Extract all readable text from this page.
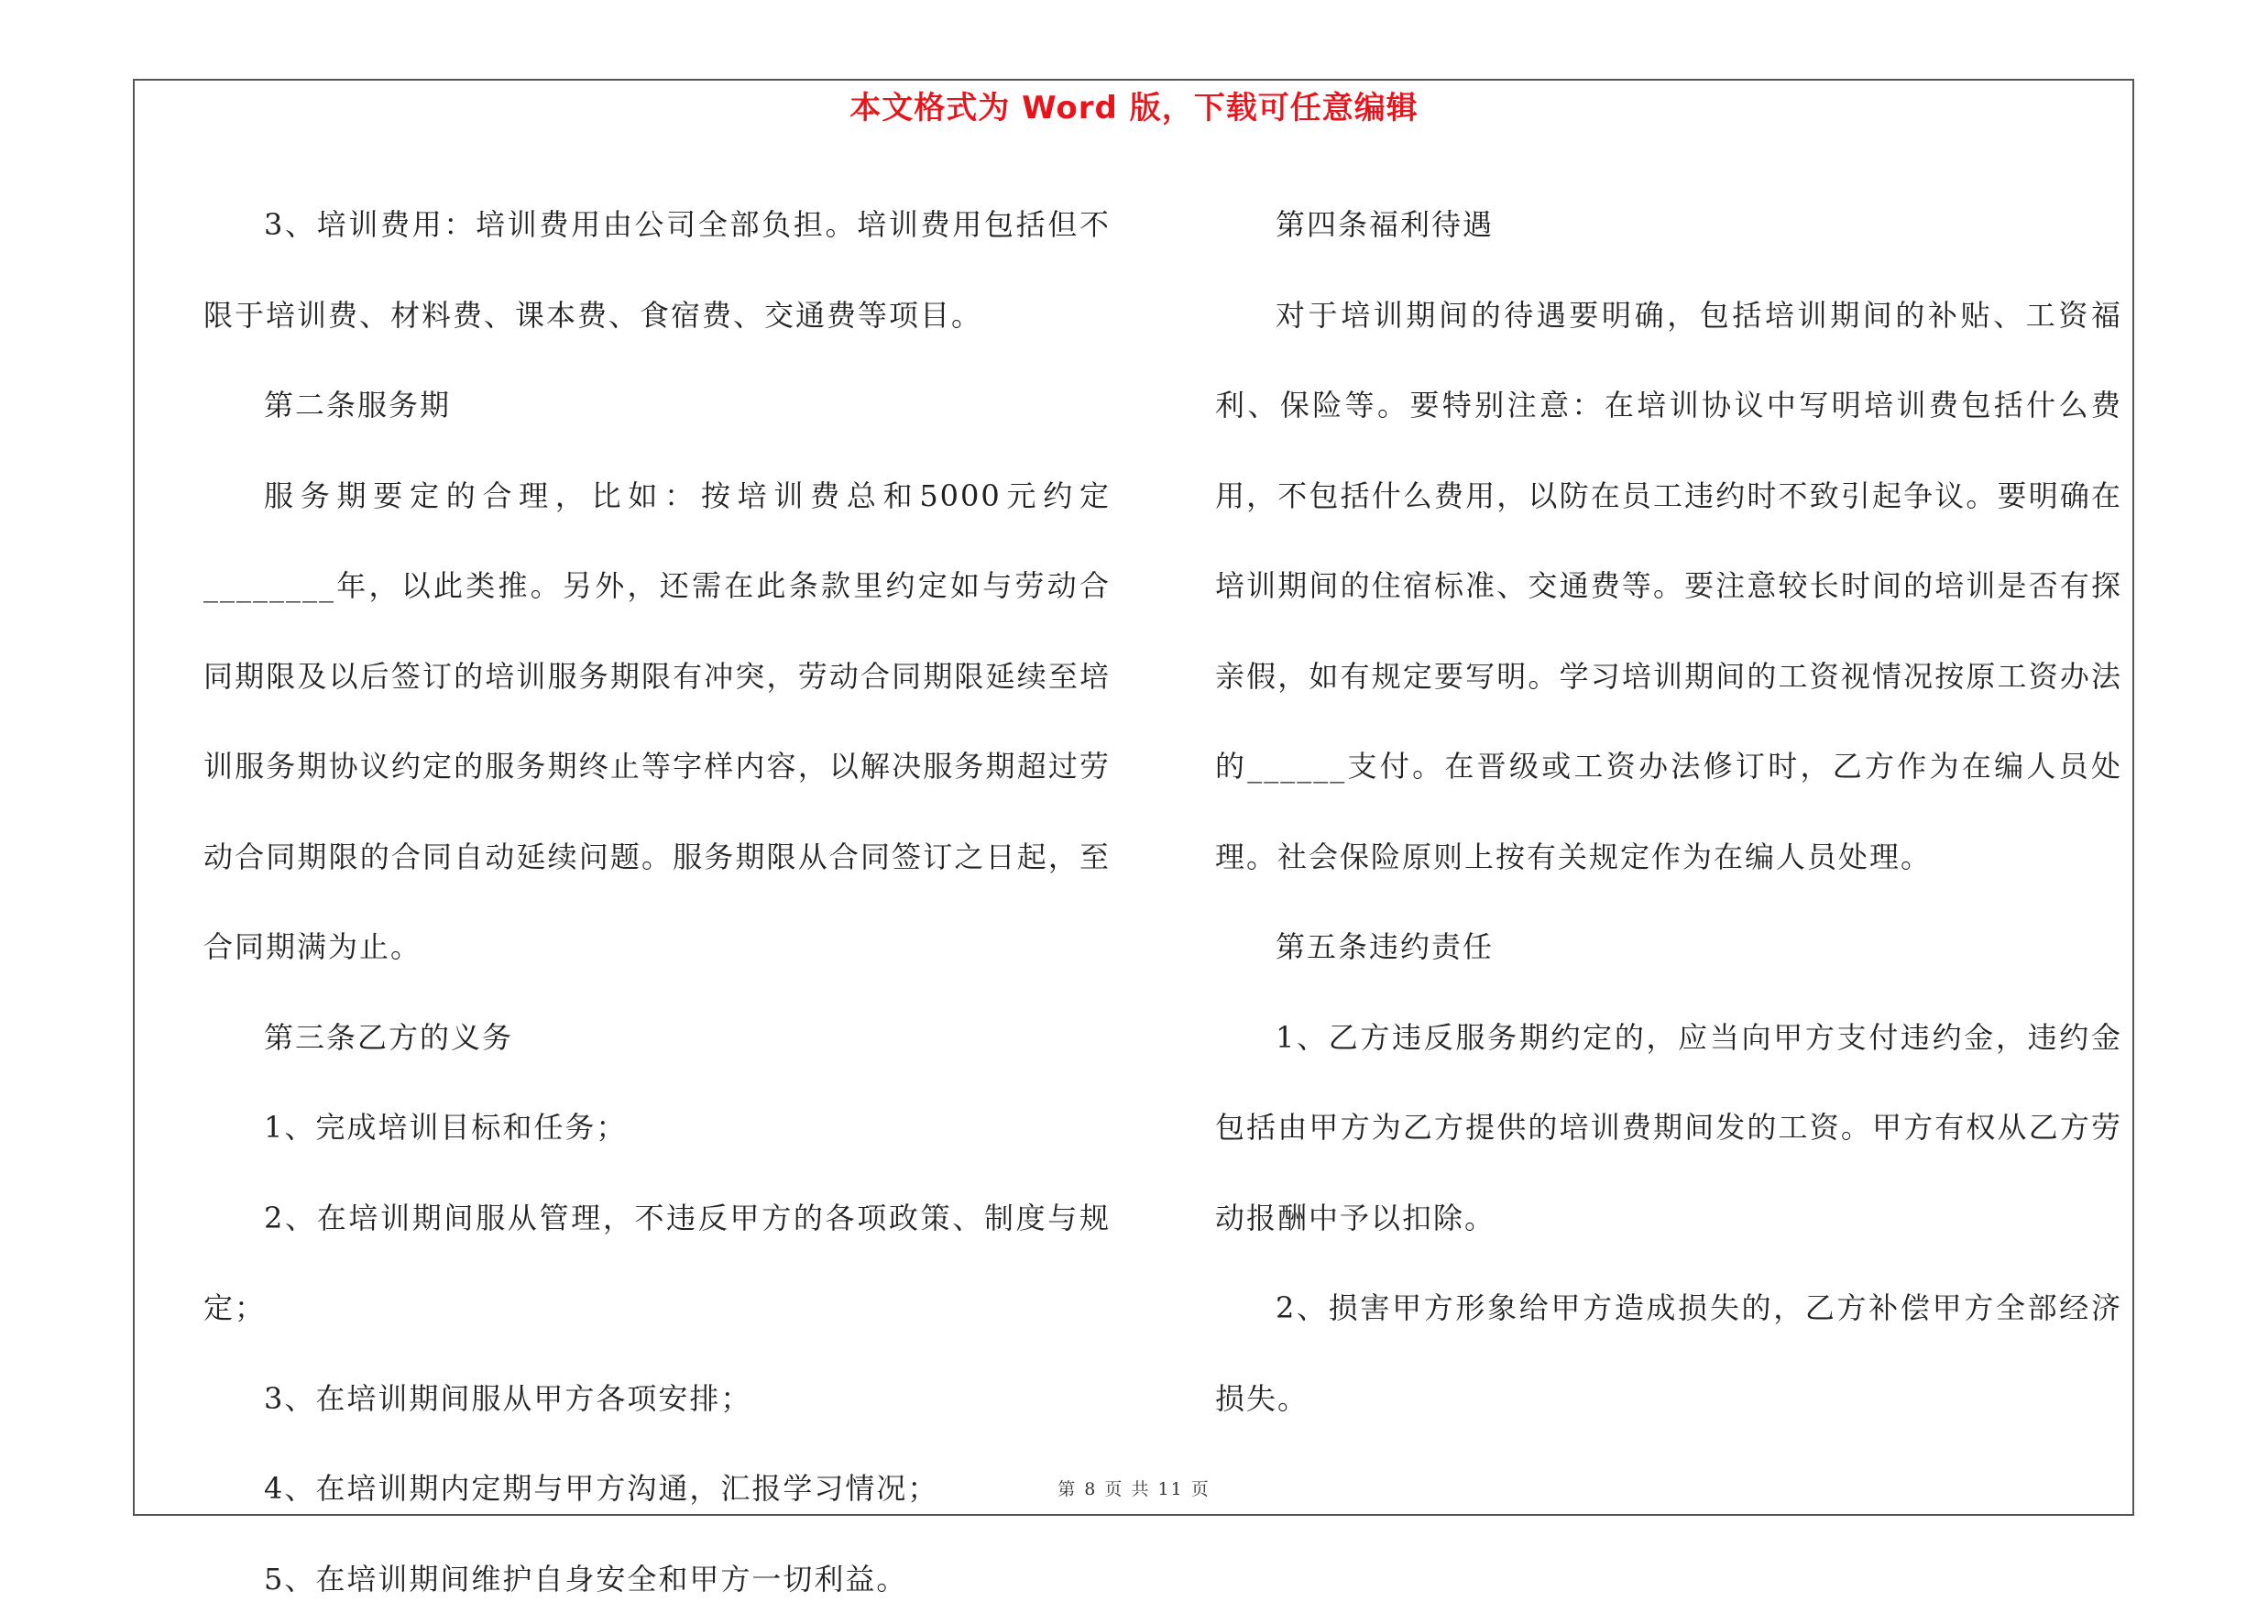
本文格式为 Word 版，下载可任意编辑

3、培训费用：培训费用由公司全部负担。培训费用包括但不限于培训费、材料费、课本费、食宿费、交通费等项目。

第二条服务期

服务期要定的合理，比如：按培训费总和5000元约定________年，以此类推。另外，还需在此条款里约定如与劳动合同期限及以后签订的培训服务期限有冲突，劳动合同期限延续至培训服务期协议约定的服务期终止等字样内容，以解决服务期超过劳动合同期限的合同自动延续问题。服务期限从合同签订之日起，至合同期满为止。

第三条乙方的义务

1、完成培训目标和任务；

2、在培训期间服从管理，不违反甲方的各项政策、制度与规定；

3、在培训期间服从甲方各项安排；

4、在培训期内定期与甲方沟通，汇报学习情况；

5、在培训期间维护自身安全和甲方一切利益。

第四条福利待遇

对于培训期间的待遇要明确，包括培训期间的补贴、工资福利、保险等。要特别注意：在培训协议中写明培训费包括什么费用，不包括什么费用，以防在员工违约时不致引起争议。要明确在培训期间的住宿标准、交通费等。要注意较长时间的培训是否有探亲假，如有规定要写明。学习培训期间的工资视情况按原工资办法的______支付。在晋级或工资办法修订时，乙方作为在编人员处理。社会保险原则上按有关规定作为在编人员处理。

第五条违约责任

1、乙方违反服务期约定的，应当向甲方支付违约金，违约金包括由甲方为乙方提供的培训费期间发的工资。甲方有权从乙方劳动报酬中予以扣除。

2、损害甲方形象给甲方造成损失的，乙方补偿甲方全部经济损失。

第 8 页 共 11 页
